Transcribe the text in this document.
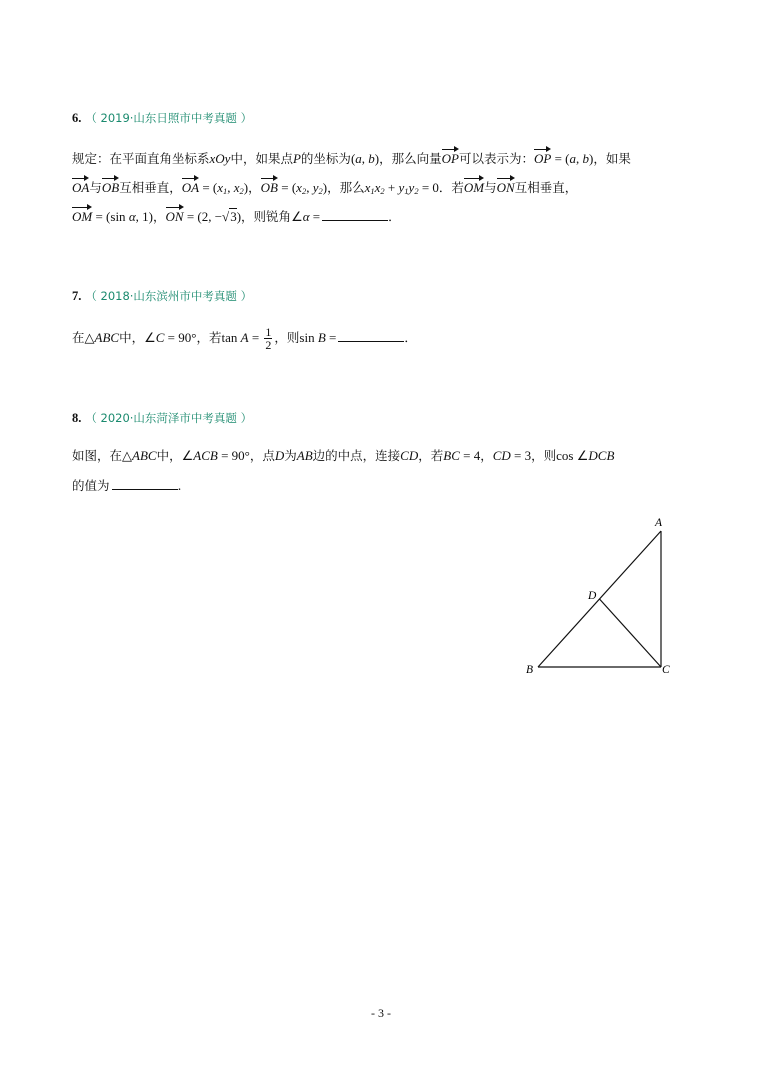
6. （ 2019·山东日照市中考真题 ）
规定：在平面直角坐标系xOy中，如果点P的坐标为(a, b)，那么向量OP可以表示为：OP = (a, b)，如果
OA与OB互相垂直，OA = ($x_1$, $x_2$)，OB = ($x_2$, $y_2$)，那么$x_1x_2 + y_1y_2 = 0$．若OM与ON互相垂直，
OM = (sin α, 1)，ON = (2, −√3)，则锐角∠α =	．
7. （ 2018·山东滨州市中考真题 ）
在△ABC中，∠C = 90°，若$\tan A = \frac{1}{2}$ ，则sin B =	．
8. （ 2020·山东菏泽市中考真题 ）
如图，在△ABC中，∠ACB = 90°，点D为AB边的中点，连接CD，若BC = 4，CD = 3，则cos ∠DCB
的值为	.
A
B	C
D
- 3 -
